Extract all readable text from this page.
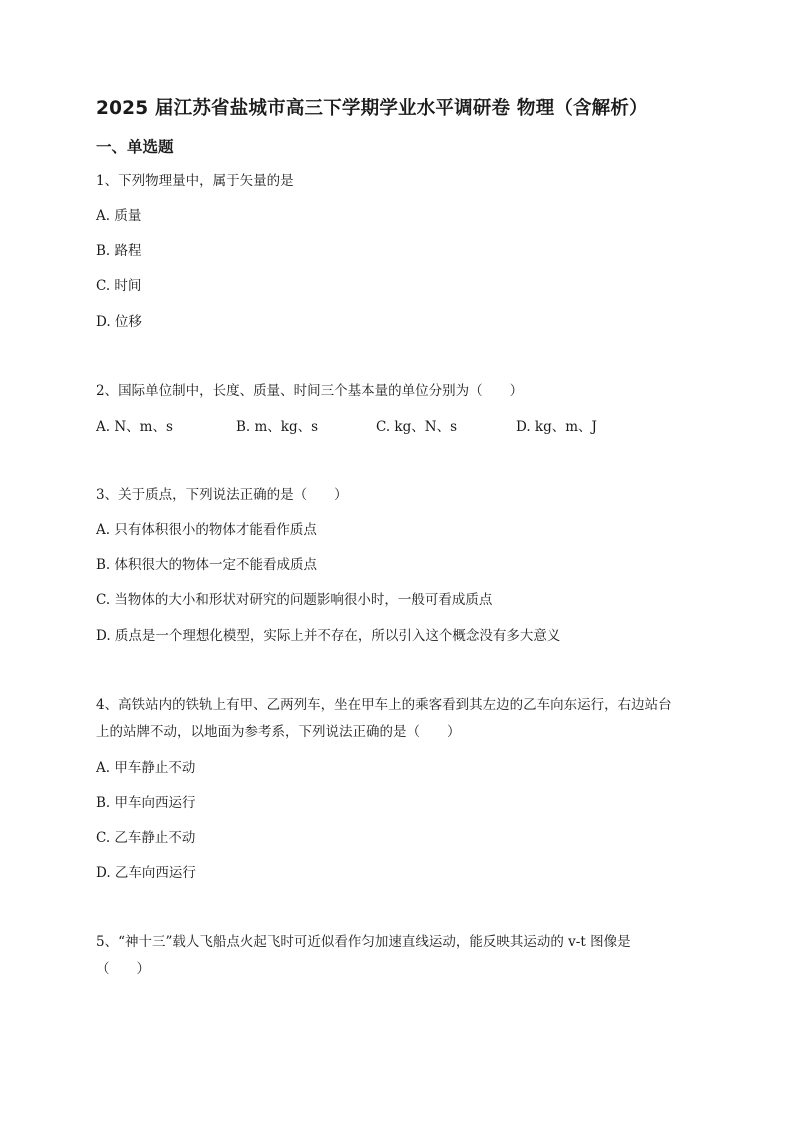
2025 届江苏省盐城市高三下学期学业水平调研卷 物理（含解析）
一、单选题
1、下列物理量中，属于矢量的是
A. 质量
B. 路程
C. 时间
D. 位移
2、国际单位制中，长度、质量、时间三个基本量的单位分别为（　　）
A. N、m、s	B. m、kg、s	C. kg、N、s	D. kg、m、J
3、关于质点，下列说法正确的是（　　）
A. 只有体积很小的物体才能看作质点
B. 体积很大的物体一定不能看成质点
C. 当物体的大小和形状对研究的问题影响很小时，一般可看成质点
D. 质点是一个理想化模型，实际上并不存在，所以引入这个概念没有多大意义
4、高铁站内的铁轨上有甲、乙两列车，坐在甲车上的乘客看到其左边的乙车向东运行，右边站台
上的站牌不动，以地面为参考系，下列说法正确的是（　　）
A. 甲车静止不动
B. 甲车向西运行
C. 乙车静止不动
D. 乙车向西运行
5、“神十三”载人飞船点火起飞时可近似看作匀加速直线运动，能反映其运动的 v-t 图像是
（　　）
